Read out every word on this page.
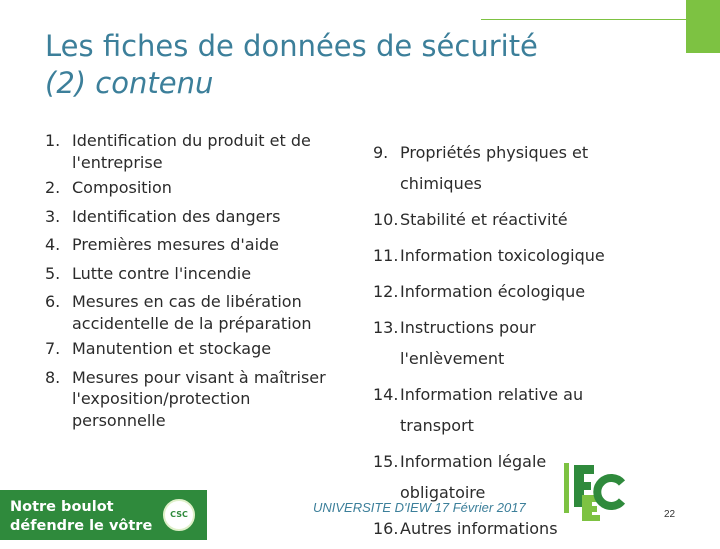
Les fiches de données de sécurité
(2) contenu
1. Identification du produit et de l'entreprise
2. Composition
3. Identification des dangers
4. Premières mesures d'aide
5. Lutte contre l'incendie
6. Mesures en cas de libération accidentelle de la préparation
7. Manutention et stockage
8. Mesures pour visant à maîtriser l'exposition/protection personnelle
9. Propriétés physiques et chimiques
10. Stabilité et réactivité
11. Information toxicologique
12. Information écologique
13. Instructions pour l'enlèvement
14. Information relative au transport
15. Information légale obligatoire
16. Autres informations
Notre boulot
défendre le vôtre
CSC	UNIVERSITE D'IEW 17 Février 2017	22
